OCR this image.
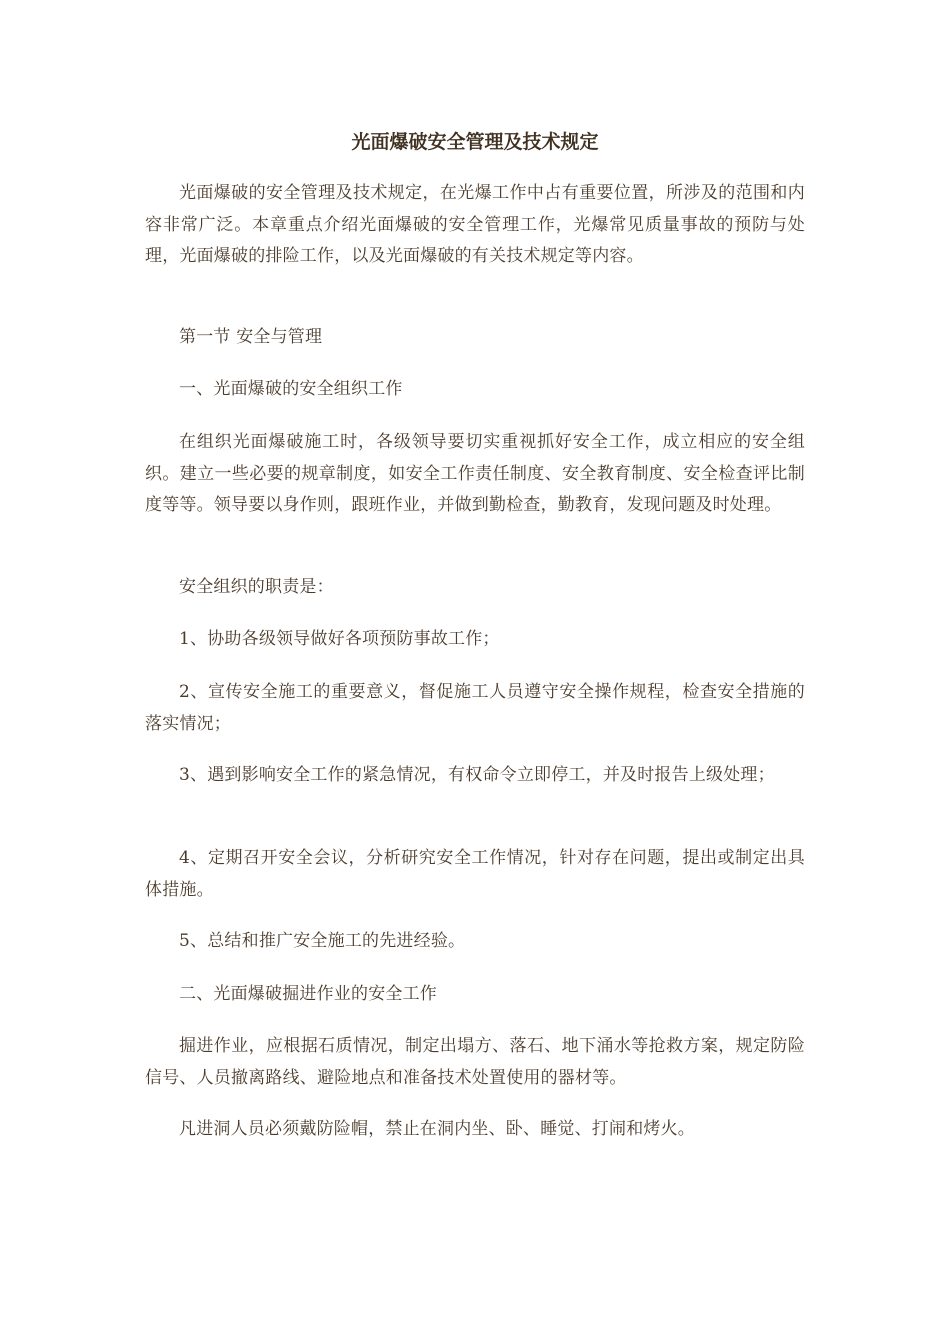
光面爆破安全管理及技术规定

光面爆破的安全管理及技术规定，在光爆工作中占有重要位置，所涉及的范围和内容非常广泛。本章重点介绍光面爆破的安全管理工作，光爆常见质量事故的预防与处理，光面爆破的排险工作，以及光面爆破的有关技术规定等内容。

第一节 安全与管理

一、光面爆破的安全组织工作

在组织光面爆破施工时，各级领导要切实重视抓好安全工作，成立相应的安全组织。建立一些必要的规章制度，如安全工作责任制度、安全教育制度、安全检查评比制度等等。领导要以身作则，跟班作业，并做到勤检查，勤教育，发现问题及时处理。

安全组织的职责是：

1、协助各级领导做好各项预防事故工作；

2、宣传安全施工的重要意义，督促施工人员遵守安全操作规程，检查安全措施的落实情况；

3、遇到影响安全工作的紧急情况，有权命令立即停工，并及时报告上级处理；

4、定期召开安全会议，分析研究安全工作情况，针对存在问题，提出或制定出具体措施。

5、总结和推广安全施工的先进经验。

二、光面爆破掘进作业的安全工作

掘进作业，应根据石质情况，制定出塌方、落石、地下涌水等抢救方案，规定防险信号、人员撤离路线、避险地点和准备技术处置使用的器材等。

凡进洞人员必须戴防险帽，禁止在洞内坐、卧、睡觉、打闹和烤火。
